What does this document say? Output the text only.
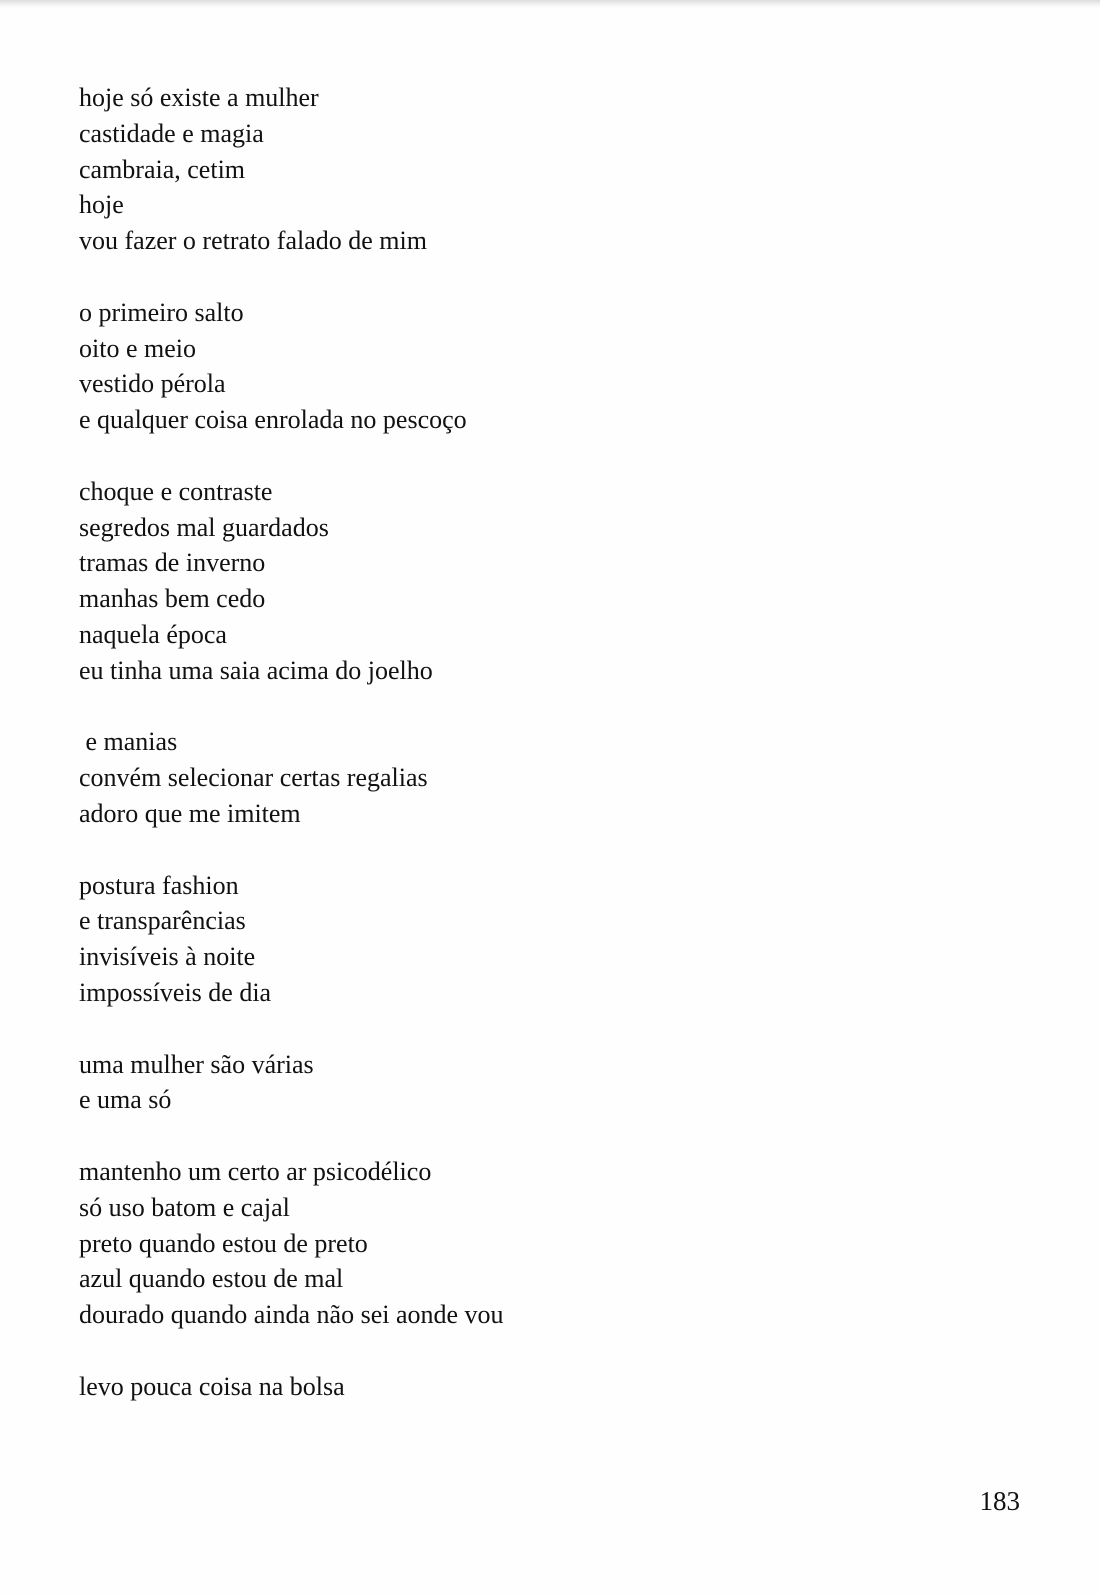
hoje só existe a mulher
castidade e magia
cambraia, cetim
hoje
vou fazer o retrato falado de mim
o primeiro salto
oito e meio
vestido pérola
e qualquer coisa enrolada no pescoço
choque e contraste
segredos mal guardados
tramas de inverno
manhas bem cedo
naquela época
eu tinha uma saia acima do joelho
e manias
convém selecionar certas regalias
adoro que me imitem
postura fashion
e transparências
invisíveis à noite
impossíveis de dia
uma mulher são várias
e uma só
mantenho um certo ar psicodélico
só uso batom e cajal
preto quando estou de preto
azul quando estou de mal
dourado quando ainda não sei aonde vou
levo pouca coisa na bolsa
183
